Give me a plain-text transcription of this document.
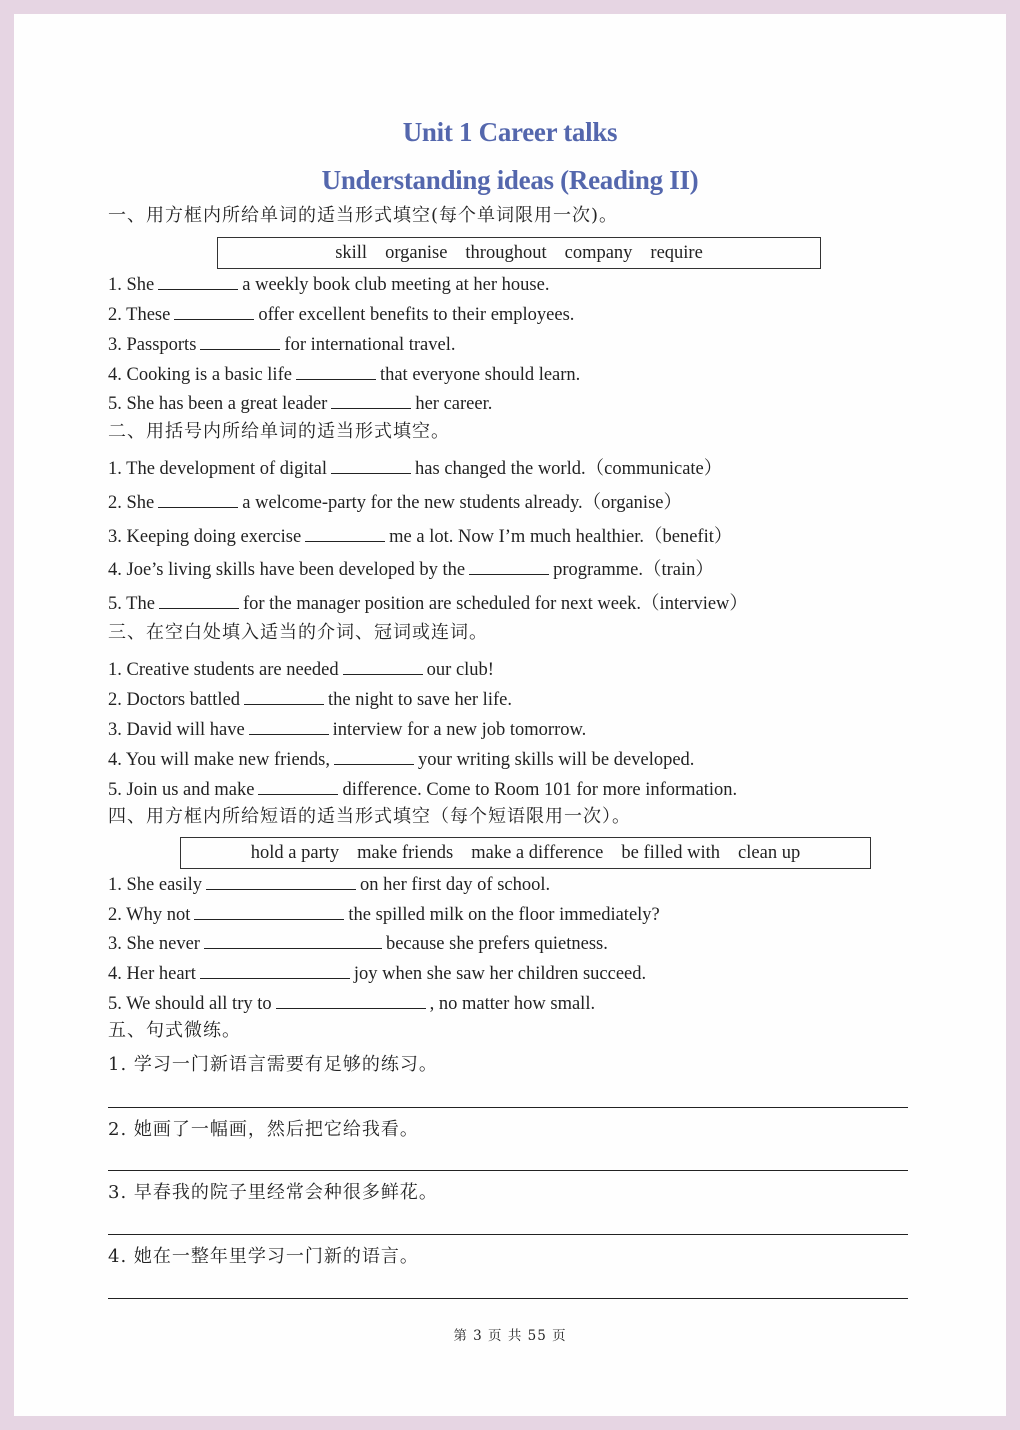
Unit 1 Career talks
Understanding ideas (Reading II)
一、用方框内所给单词的适当形式填空(每个单词限用一次)。
skill organise throughout company require
1. She	a weekly book club meeting at her house.
2. These	offer excellent benefits to their employees.
3. Passports	for international travel.
4. Cooking is a basic life	that everyone should learn.
5. She has been a great leader	her career.
二、用括号内所给单词的适当形式填空。
1. The development of digital	has changed the world.（communicate）
2. She	a welcome-party for the new students already.（organise）
3. Keeping doing exercise	me a lot. Now I’m much healthier.（benefit）
4. Joe’s living skills have been developed by the	programme.（train）
5. The	for the manager position are scheduled for next week.（interview）
三、在空白处填入适当的介词、冠词或连词。
1. Creative students are needed	our club!
2. Doctors battled	the night to save her life.
3. David will have	interview for a new job tomorrow.
4. You will make new friends,	your writing skills will be developed.
5. Join us and make	difference. Come to Room 101 for more information.
四、用方框内所给短语的适当形式填空（每个短语限用一次）。
hold a party make friends make a difference be filled with clean up
1. She easily	on her first day of school.
2. Why not	the spilled milk on the floor immediately?
3. She never	because she prefers quietness.
4. Her heart	joy when she saw her children succeed.
5. We should all try to	, no matter how small.
五、句式微练。
1. 学习一门新语言需要有足够的练习。
2. 她画了一幅画，然后把它给我看。
3. 早春我的院子里经常会种很多鲜花。
4. 她在一整年里学习一门新的语言。
第 3 页 共 55 页
